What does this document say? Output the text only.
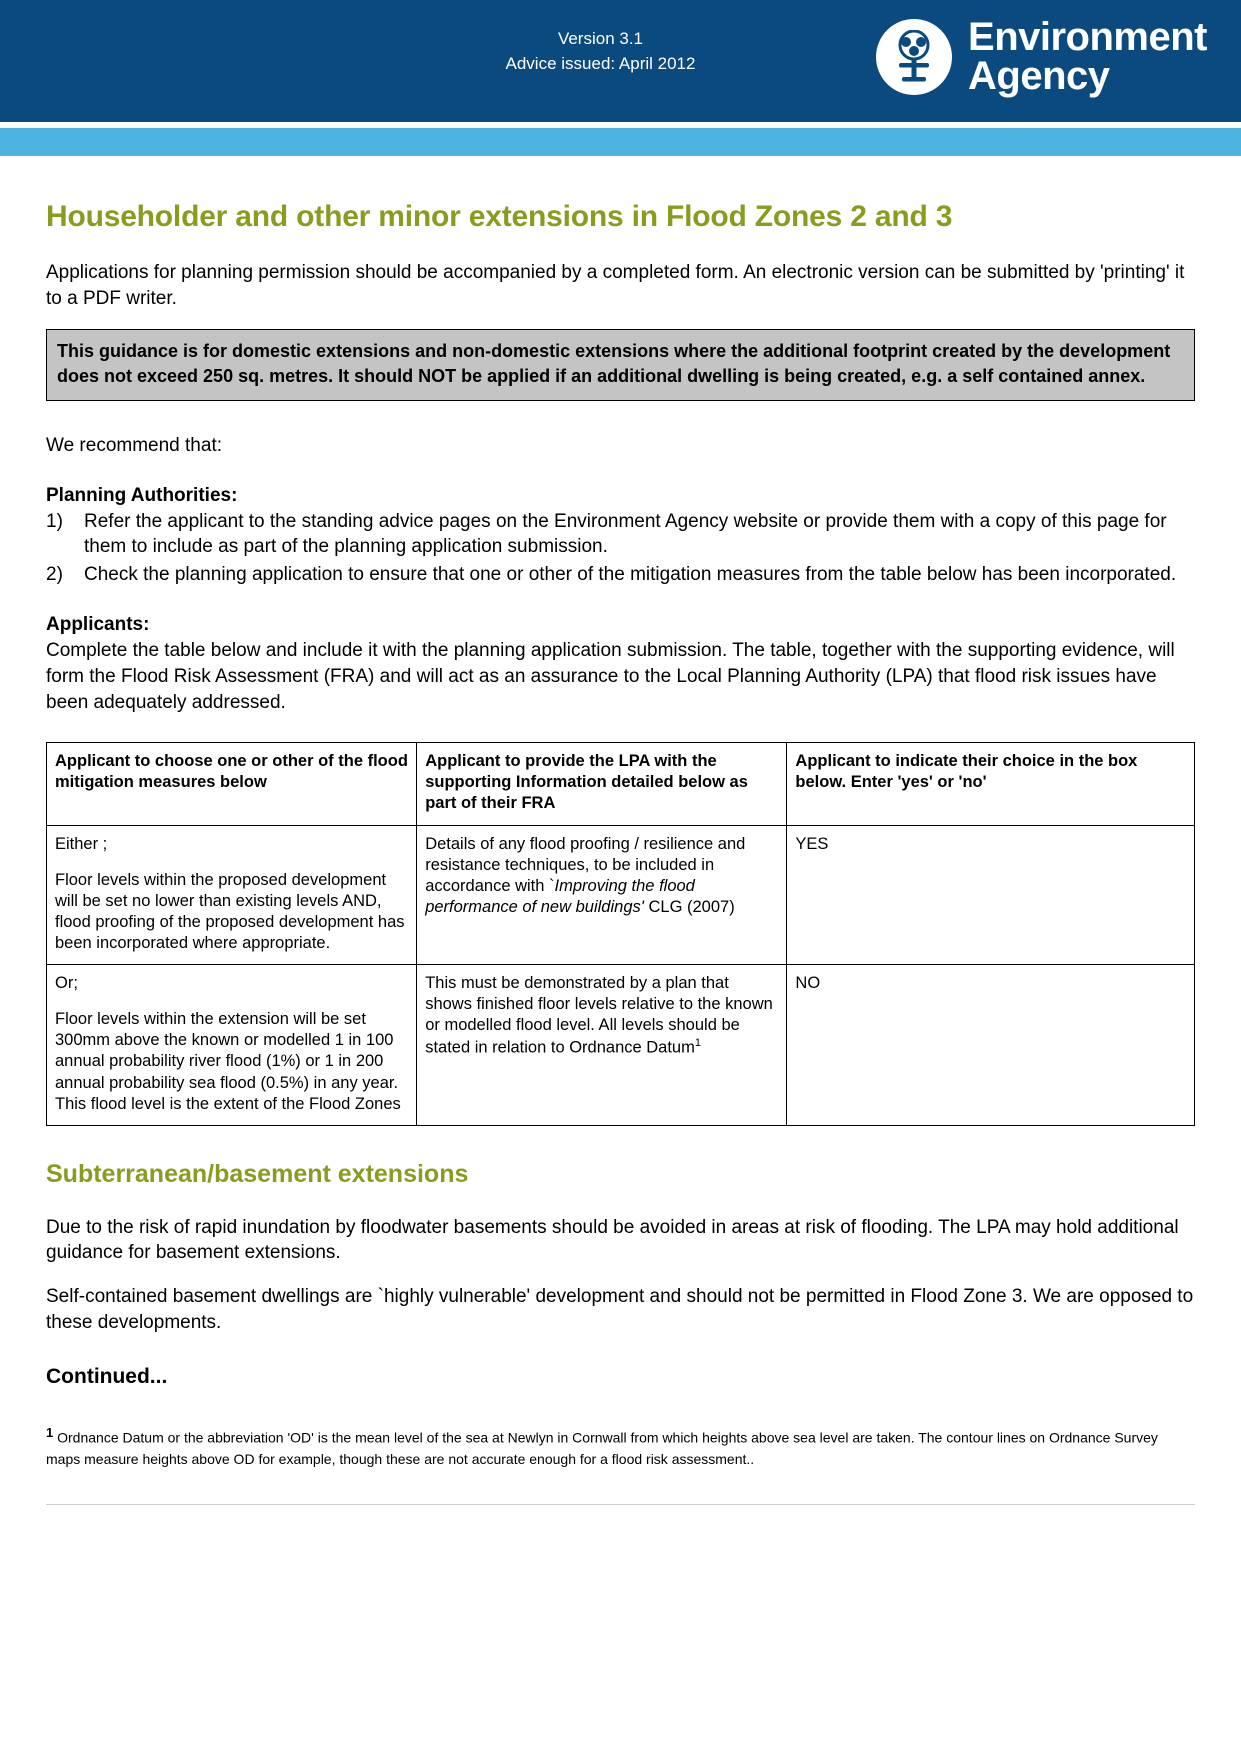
Version 3.1
Advice issued: April 2012
Environment
Agency
Householder and other minor extensions in Flood Zones 2 and 3

Applications for planning permission should be accompanied by a completed form. An electronic version can be submitted by 'printing' it to a PDF writer.

This guidance is for domestic extensions and non-domestic extensions where the additional footprint created by the development does not exceed 250 sq. metres. It should NOT be applied if an additional dwelling is being created, e.g. a self contained annex.

We recommend that:

Planning Authorities:
1)	Refer the applicant to the standing advice pages on the Environment Agency website or provide them with a copy of this page for them to include as part of the planning application submission.
2)	Check the planning application to ensure that one or other of the mitigation measures from the table below has been incorporated.
Applicants:

Complete the table below and include it with the planning application submission. The table, together with the supporting evidence, will form the Flood Risk Assessment (FRA) and will act as an assurance to the Local Planning Authority (LPA) that flood risk issues have been adequately addressed.

Applicant to choose one or other of the flood mitigation measures below	Applicant to provide the LPA with the supporting Information detailed below as part of their FRA	Applicant to indicate their choice in the box below. Enter 'yes' or 'no'
Either ;
Floor levels within the proposed development will be set no lower than existing levels AND, flood proofing of the proposed development has been incorporated where appropriate.	Details of any flood proofing / resilience and resistance techniques, to be included in accordance with `Improving the flood performance of new buildings' CLG (2007)	YES
Or;
Floor levels within the extension will be set 300mm above the known or modelled 1 in 100 annual probability river flood (1%) or 1 in 200 annual probability sea flood (0.5%) in any year. This flood level is the extent of the Flood Zones	This must be demonstrated by a plan that shows finished floor levels relative to the known or modelled flood level. All levels should be stated in relation to Ordnance Datum$^1$	NO
Subterranean/basement extensions

Due to the risk of rapid inundation by floodwater basements should be avoided in areas at risk of flooding. The LPA may hold additional guidance for basement extensions.

Self-contained basement dwellings are `highly vulnerable' development and should not be permitted in Flood Zone 3. We are opposed to these developments.

Continued...

1 Ordnance Datum or the abbreviation 'OD' is the mean level of the sea at Newlyn in Cornwall from which heights above sea level are taken. The contour lines on Ordnance Survey maps measure heights above OD for example, though these are not accurate enough for a flood risk assessment..
